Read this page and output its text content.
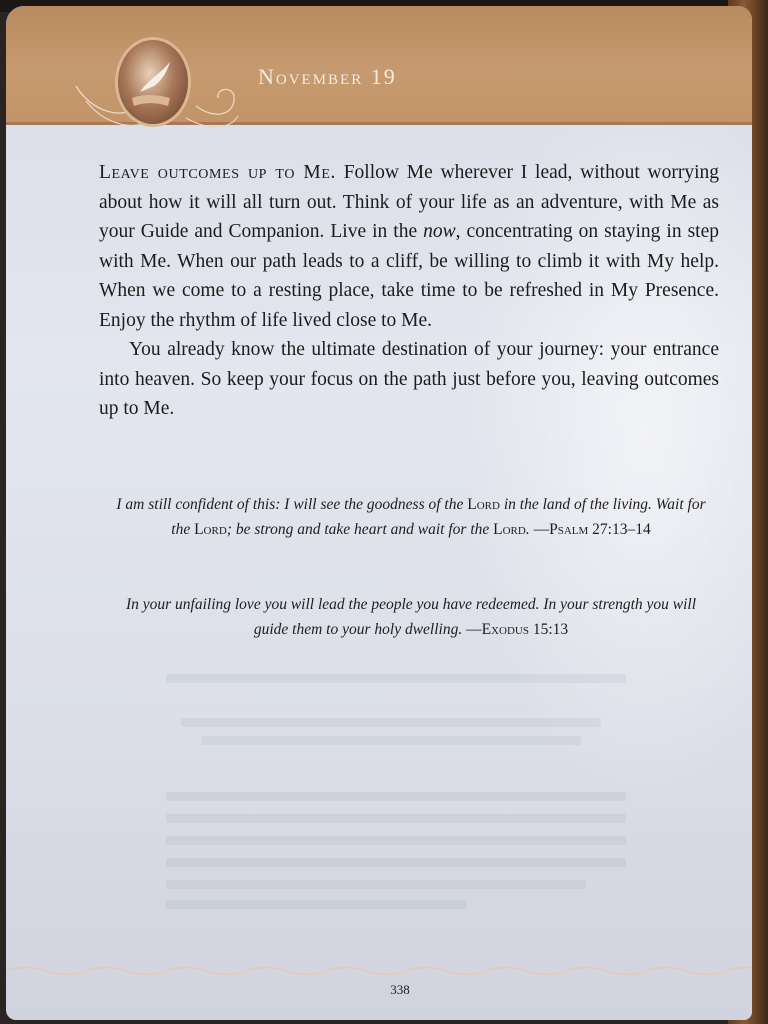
November 19

Leave outcomes up to Me. Follow Me wherever I lead, without worrying about how it will all turn out. Think of your life as an adventure, with Me as your Guide and Companion. Live in the now, concentrating on staying in step with Me. When our path leads to a cliff, be willing to climb it with My help. When we come to a resting place, take time to be refreshed in My Presence. Enjoy the rhythm of life lived close to Me.

You already know the ultimate destination of your journey: your entrance into heaven. So keep your focus on the path just before you, leaving outcomes up to Me.

I am still confident of this: I will see the goodness of the Lord in the land of the living. Wait for the Lord; be strong and take heart and wait for the Lord. —Psalm 27:13–14
In your unfailing love you will lead the people you have redeemed. In your strength you will guide them to your holy dwelling. —Exodus 15:13
338
